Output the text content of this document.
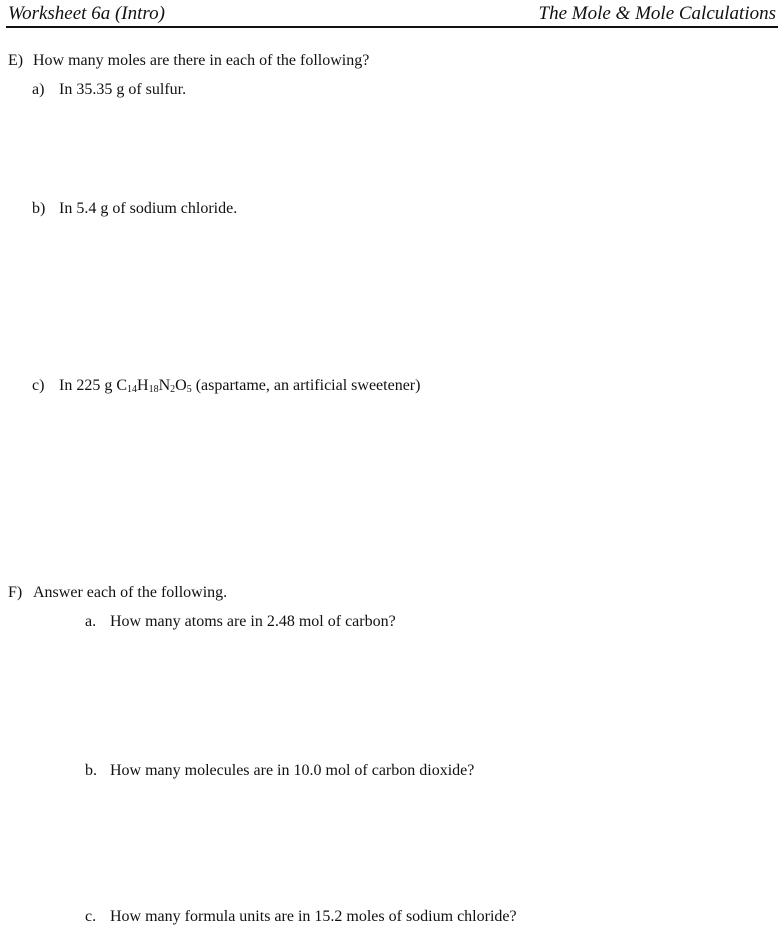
Worksheet 6a (Intro)	The Mole & Mole Calculations
E) How many moles are there in each of the following?
a) In 35.35 g of sulfur.
b) In 5.4 g of sodium chloride.
c) In 225 g $C_{14}H_{18}N_2O_5$ (aspartame, an artificial sweetener)
F) Answer each of the following.
a. How many atoms are in 2.48 mol of carbon?
b. How many molecules are in 10.0 mol of carbon dioxide?
c. How many formula units are in 15.2 moles of sodium chloride?
